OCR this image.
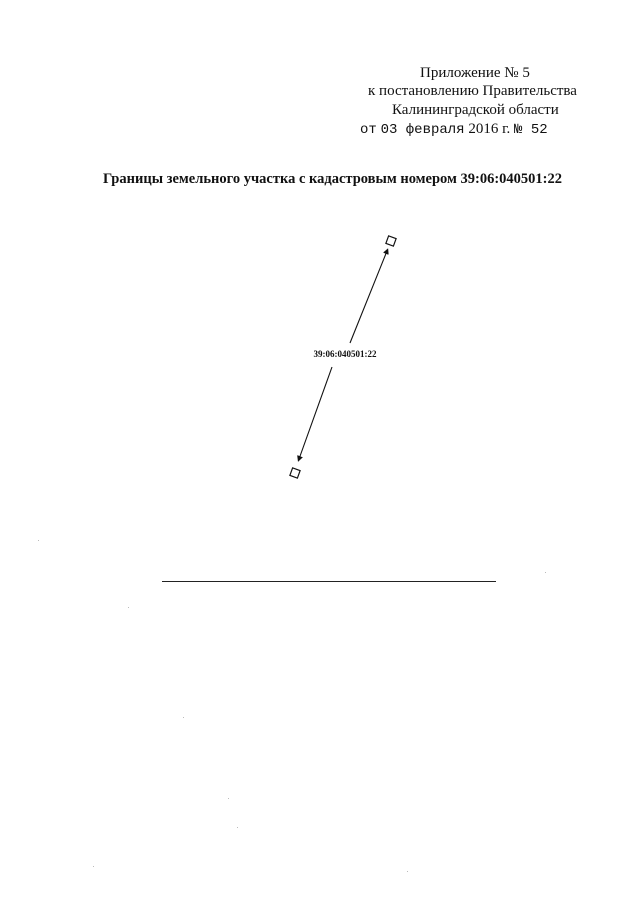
Приложение № 5
к постановлению Правительства
Калининградской области
от 03 февраля 2016 г. № 52
Границы земельного участка с кадастровым номером 39:06:040501:22
39:06:040501:22
